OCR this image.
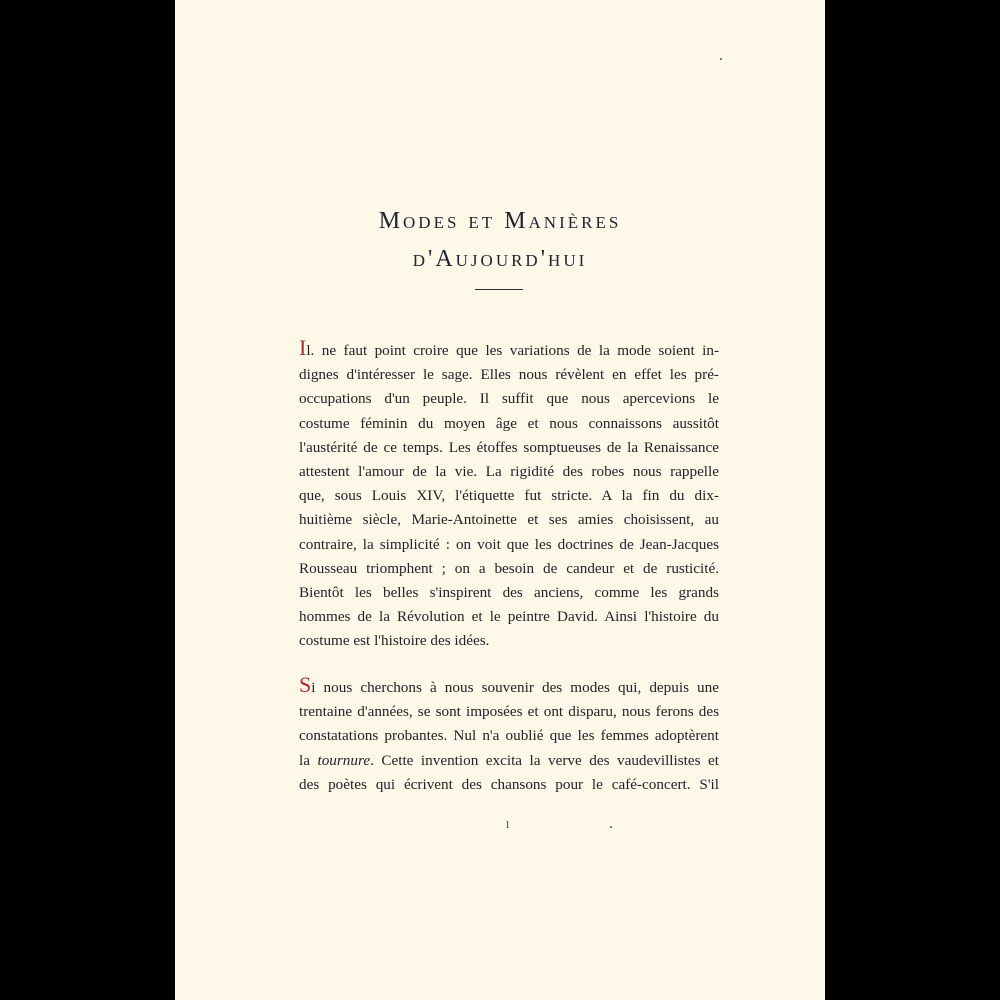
Modes et Manières
d'Aujourd'hui
Il. ne faut point croire que les variations de la mode soient in-
dignes d'intéresser le sage. Elles nous révèlent en effet les pré-
occupations d'un peuple. Il suffit que nous apercevions le
costume féminin du moyen âge et nous connaissons aussitôt
l'austérité de ce temps. Les étoffes somptueuses de la Renaissance
attestent l'amour de la vie. La rigidité des robes nous rappelle
que, sous Louis XIV, l'étiquette fut stricte. A la fin du dix-
huitième siècle, Marie-Antoinette et ses amies choisissent, au
contraire, la simplicité : on voit que les doctrines de Jean-Jacques
Rousseau triomphent ; on a besoin de candeur et de rusticité.
Bientôt les belles s'inspirent des anciens, comme les grands
hommes de la Révolution et le peintre David. Ainsi l'histoire du
costume est l'histoire des idées.
Si nous cherchons à nous souvenir des modes qui, depuis une
trentaine d'années, se sont imposées et ont disparu, nous ferons des
constatations probantes. Nul n'a oublié que les femmes adoptèrent
la tournure. Cette invention excita la verve des vaudevillistes et
des poètes qui écrivent des chansons pour le café-concert. S'il
1
